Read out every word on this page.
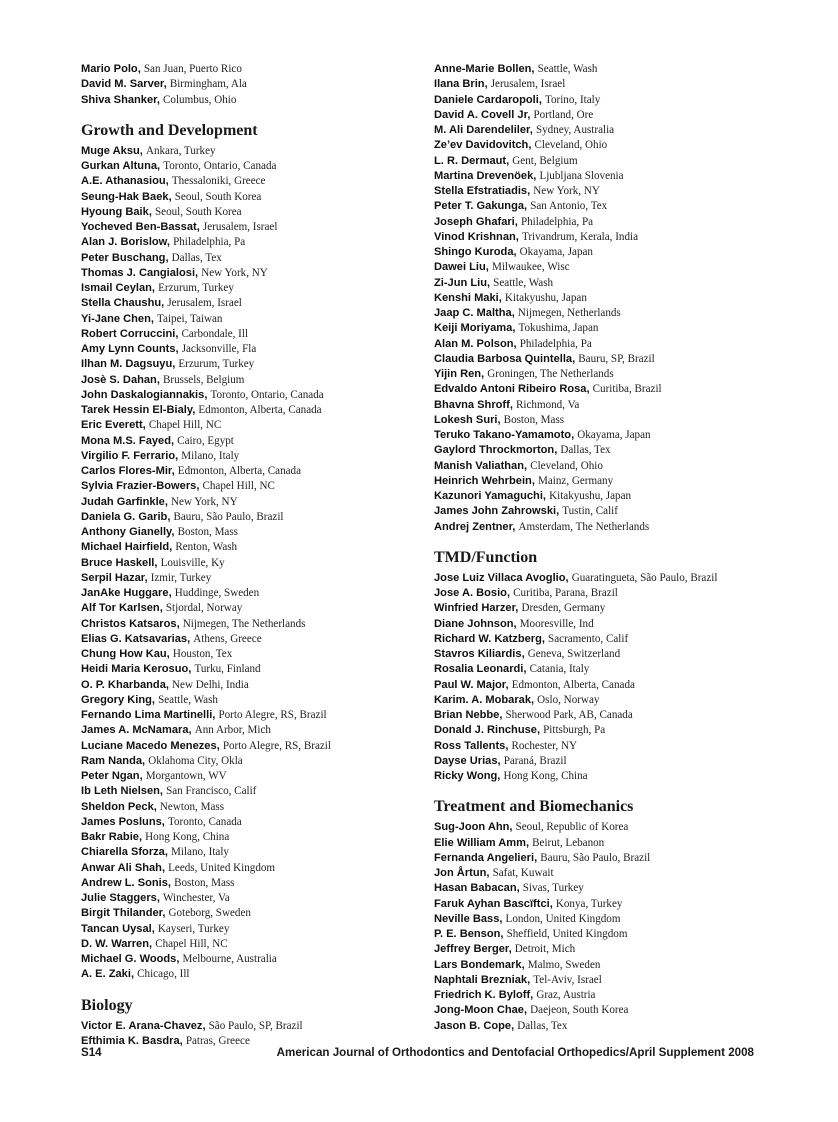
Mario Polo, San Juan, Puerto Rico
David M. Sarver, Birmingham, Ala
Shiva Shanker, Columbus, Ohio
Growth and Development
Muge Aksu, Ankara, Turkey
Gurkan Altuna, Toronto, Ontario, Canada
A.E. Athanasiou, Thessaloniki, Greece
Seung-Hak Baek, Seoul, South Korea
Hyoung Baik, Seoul, South Korea
Yocheved Ben-Bassat, Jerusalem, Israel
Alan J. Borislow, Philadelphia, Pa
Peter Buschang, Dallas, Tex
Thomas J. Cangialosi, New York, NY
Ismail Ceylan, Erzurum, Turkey
Stella Chaushu, Jerusalem, Israel
Yi-Jane Chen, Taipei, Taiwan
Robert Corruccini, Carbondale, Ill
Amy Lynn Counts, Jacksonville, Fla
Ilhan M. Dagsuyu, Erzurum, Turkey
Josè S. Dahan, Brussels, Belgium
John Daskalogiannakis, Toronto, Ontario, Canada
Tarek Hessin El-Bialy, Edmonton, Alberta, Canada
Eric Everett, Chapel Hill, NC
Mona M.S. Fayed, Cairo, Egypt
Virgilio F. Ferrario, Milano, Italy
Carlos Flores-Mir, Edmonton, Alberta, Canada
Sylvia Frazier-Bowers, Chapel Hill, NC
Judah Garfinkle, New York, NY
Daniela G. Garib, Bauru, São Paulo, Brazil
Anthony Gianelly, Boston, Mass
Michael Hairfield, Renton, Wash
Bruce Haskell, Louisville, Ky
Serpil Hazar, Izmir, Turkey
JanAke Huggare, Huddinge, Sweden
Alf Tor Karlsen, Stjordal, Norway
Christos Katsaros, Nijmegen, The Netherlands
Elias G. Katsavarias, Athens, Greece
Chung How Kau, Houston, Tex
Heidi Maria Kerosuo, Turku, Finland
O. P. Kharbanda, New Delhi, India
Gregory King, Seattle, Wash
Fernando Lima Martinelli, Porto Alegre, RS, Brazil
James A. McNamara, Ann Arbor, Mich
Luciane Macedo Menezes, Porto Alegre, RS, Brazil
Ram Nanda, Oklahoma City, Okla
Peter Ngan, Morgantown, WV
Ib Leth Nielsen, San Francisco, Calif
Sheldon Peck, Newton, Mass
James Posluns, Toronto, Canada
Bakr Rabie, Hong Kong, China
Chiarella Sforza, Milano, Italy
Anwar Ali Shah, Leeds, United Kingdom
Andrew L. Sonis, Boston, Mass
Julie Staggers, Winchester, Va
Birgit Thilander, Goteborg, Sweden
Tancan Uysal, Kayseri, Turkey
D. W. Warren, Chapel Hill, NC
Michael G. Woods, Melbourne, Australia
A. E. Zaki, Chicago, Ill
Biology
Victor E. Arana-Chavez, São Paulo, SP, Brazil
Efthimia K. Basdra, Patras, Greece
Anne-Marie Bollen, Seattle, Wash
Ilana Brin, Jerusalem, Israel
Daniele Cardaropoli, Torino, Italy
David A. Covell Jr, Portland, Ore
M. Ali Darendeliler, Sydney, Australia
Ze’ev Davidovitch, Cleveland, Ohio
L. R. Dermaut, Gent, Belgium
Martina Drevenöek, Ljubljana Slovenia
Stella Efstratiadis, New York, NY
Peter T. Gakunga, San Antonio, Tex
Joseph Ghafari, Philadelphia, Pa
Vinod Krishnan, Trivandrum, Kerala, India
Shingo Kuroda, Okayama, Japan
Dawei Liu, Milwaukee, Wisc
Zi-Jun Liu, Seattle, Wash
Kenshi Maki, Kitakyushu, Japan
Jaap C. Maltha, Nijmegen, Netherlands
Keiji Moriyama, Tokushima, Japan
Alan M. Polson, Philadelphia, Pa
Claudia Barbosa Quintella, Bauru, SP, Brazil
Yijin Ren, Groningen, The Netherlands
Edvaldo Antoni Ribeiro Rosa, Curitiba, Brazil
Bhavna Shroff, Richmond, Va
Lokesh Suri, Boston, Mass
Teruko Takano-Yamamoto, Okayama, Japan
Gaylord Throckmorton, Dallas, Tex
Manish Valiathan, Cleveland, Ohio
Heinrich Wehrbein, Mainz, Germany
Kazunori Yamaguchi, Kitakyushu, Japan
James John Zahrowski, Tustin, Calif
Andrej Zentner, Amsterdam, The Netherlands
TMD/Function
Jose Luiz Villaca Avoglio, Guaratingueta, São Paulo, Brazil
Jose A. Bosio, Curitiba, Parana, Brazil
Winfried Harzer, Dresden, Germany
Diane Johnson, Mooresville, Ind
Richard W. Katzberg, Sacramento, Calif
Stavros Kiliardis, Geneva, Switzerland
Rosalia Leonardi, Catania, Italy
Paul W. Major, Edmonton, Alberta, Canada
Karim. A. Mobarak, Oslo, Norway
Brian Nebbe, Sherwood Park, AB, Canada
Donald J. Rinchuse, Pittsburgh, Pa
Ross Tallents, Rochester, NY
Dayse Urias, Paraná, Brazil
Ricky Wong, Hong Kong, China
Treatment and Biomechanics
Sug-Joon Ahn, Seoul, Republic of Korea
Elie William Amm, Beirut, Lebanon
Fernanda Angelieri, Bauru, São Paulo, Brazil
Jon Årtun, Safat, Kuwait
Hasan Babacan, Sivas, Turkey
Faruk Ayhan Bascïftci, Konya, Turkey
Neville Bass, London, United Kingdom
P. E. Benson, Sheffield, United Kingdom
Jeffrey Berger, Detroit, Mich
Lars Bondemark, Malmo, Sweden
Naphtali Brezniak, Tel-Aviv, Israel
Friedrich K. Byloff, Graz, Austria
Jong-Moon Chae, Daejeon, South Korea
Jason B. Cope, Dallas, Tex
S14	American Journal of Orthodontics and Dentofacial Orthopedics/April Supplement 2008
